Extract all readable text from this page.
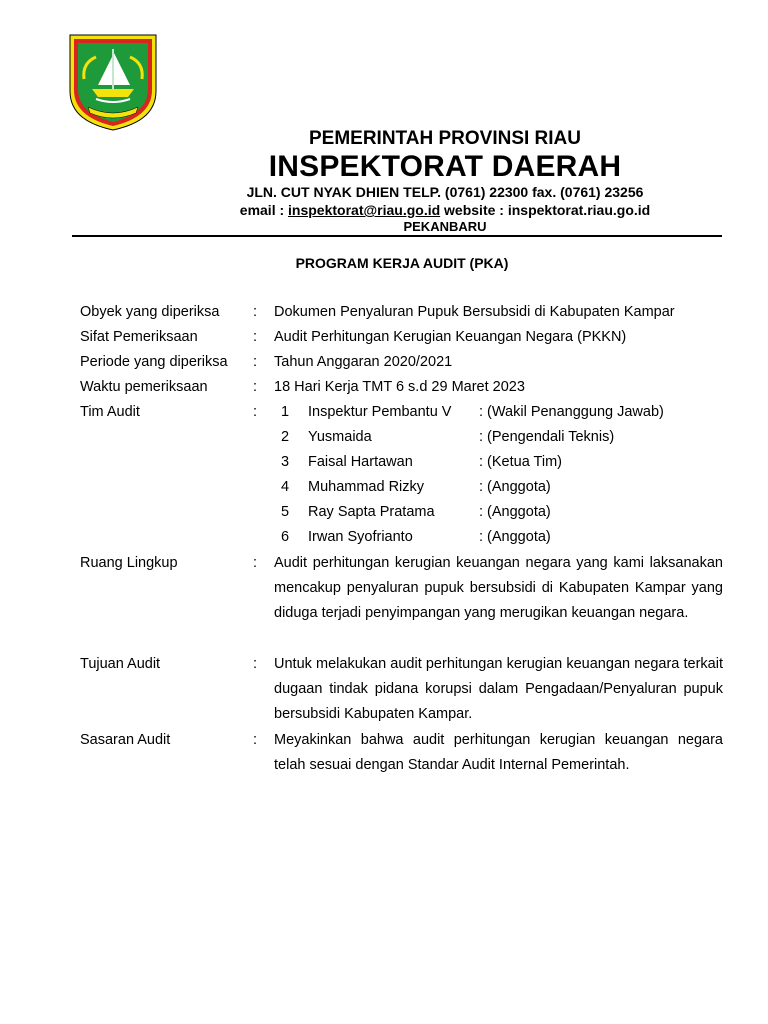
PEMERINTAH PROVINSI RIAU
INSPEKTORAT DAERAH
JLN. CUT NYAK DHIEN TELP. (0761) 22300 fax. (0761) 23256
email : inspektorat@riau.go.id website : inspektorat.riau.go.id
PEKANBARU
PROGRAM KERJA AUDIT (PKA)
Obyek yang diperiksa : Dokumen Penyaluran Pupuk Bersubsidi di Kabupaten Kampar
Sifat Pemeriksaan	: Audit Perhitungan Kerugian Keuangan Negara (PKKN)
Periode yang diperiksa : Tahun Anggaran 2020/2021
Waktu pemeriksaan	: 18 Hari Kerja TMT 6 s.d 29 Maret 2023
Tim Audit	: 1 Inspektur Pembantu V : (Wakil Penanggung Jawab)
2 Yusmaida	: (Pengendali Teknis)
3 Faisal Hartawan	: (Ketua Tim)
4 Muhammad Rizky	: (Anggota)
5 Ray Sapta Pratama	: (Anggota)
6 Irwan Syofrianto	: (Anggota)
Ruang Lingkup	: Audit perhitungan kerugian keuangan negara yang kami laksanakan mencakup penyaluran pupuk bersubsidi di Kabupaten Kampar yang diduga terjadi penyimpangan yang merugikan keuangan negara.
Tujuan Audit	: Untuk melakukan audit perhitungan kerugian keuangan negara terkait dugaan tindak pidana korupsi dalam Pengadaan/Penyaluran pupuk bersubsidi Kabupaten Kampar.
Sasaran Audit	: Meyakinkan bahwa audit perhitungan kerugian keuangan negara telah sesuai dengan Standar Audit Internal Pemerintah.
